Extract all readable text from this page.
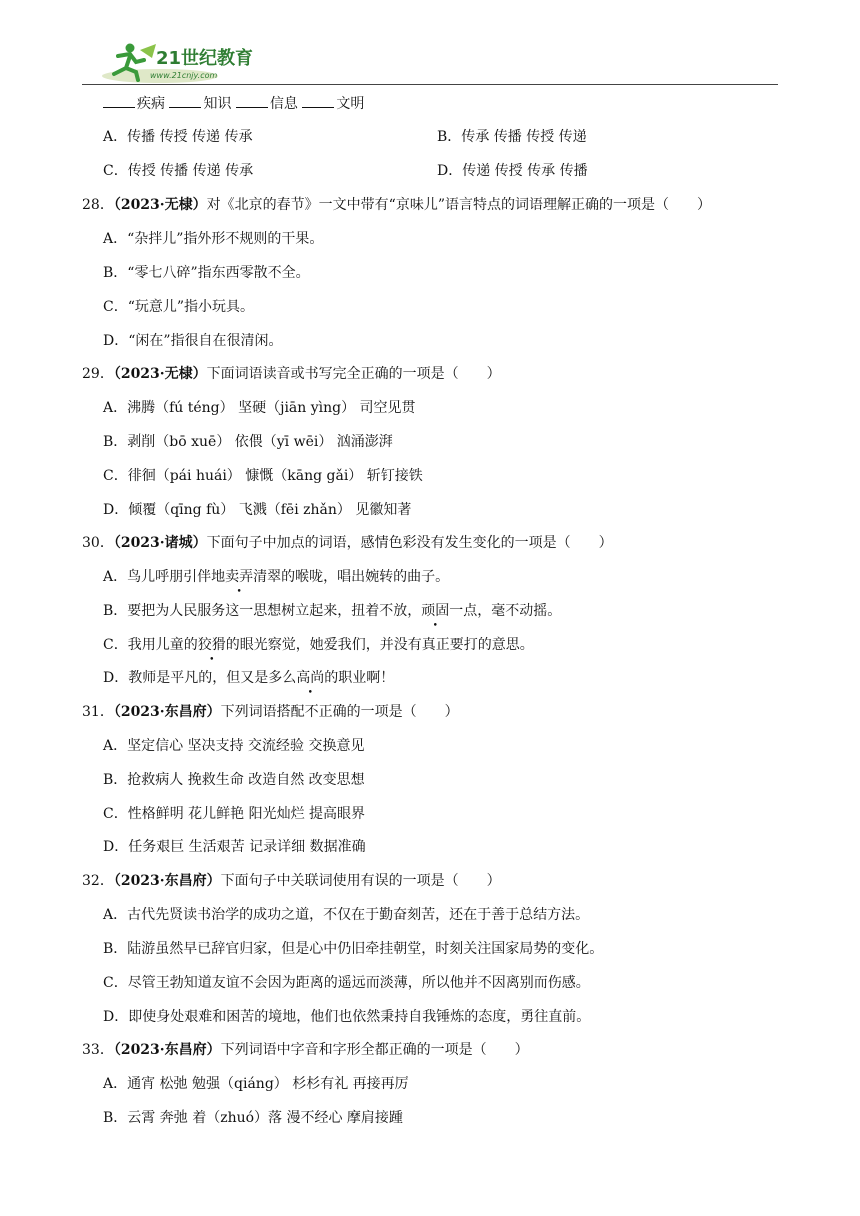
21世纪教育
www.21cnjy.com
疾病	知识	信息	文明
A．传播 传授 传递 传承	B．传承 传播 传授 传递
C．传授 传播 传递 传承	D．传递 传授 传承 传播
28．（2023·无棣）对《北京的春节》一文中带有“京味儿”语言特点的词语理解正确的一项是（　　）
A．“杂拌儿”指外形不规则的干果。
B．“零七八碎”指东西零散不全。
C．“玩意儿”指小玩具。
D．“闲在”指很自在很清闲。
29．（2023·无棣）下面词语读音或书写完全正确的一项是（　　）
A．沸腾（fú téng） 坚硬（jiān yìng） 司空见贯
B．剥削（bō xuē） 依偎（yī wēi） 汹涌澎湃
C．徘徊（pái huái） 慷慨（kāng gǎi） 斩钉接铁
D．倾覆（qīng fù） 飞溅（fēi zhǎn） 见徽知著
30．（2023·诸城）下面句子中加点的词语，感情色彩没有发生变化的一项是（　　）
A．鸟儿呼朋引伴地卖弄清翠的喉咙，唱出婉转的曲子。
B．要把为人民服务这一思想树立起来，扭着不放，顽固一点，毫不动摇。
C．我用儿童的狡猾的眼光察觉，她爱我们，并没有真正要打的意思。
D．教师是平凡的，但又是多么高尚的职业啊！
31．（2023·东昌府）下列词语搭配不正确的一项是（　　）
A．坚定信心 坚决支持 交流经验 交换意见
B．抢救病人 挽救生命 改造自然 改变思想
C．性格鲜明 花儿鲜艳 阳光灿烂 提高眼界
D．任务艰巨 生活艰苦 记录详细 数据准确
32．（2023·东昌府）下面句子中关联词使用有误的一项是（　　）
A．古代先贤读书治学的成功之道，不仅在于勤奋刻苦，还在于善于总结方法。
B．陆游虽然早已辞官归家，但是心中仍旧牵挂朝堂，时刻关注国家局势的变化。
C．尽管王勃知道友谊不会因为距离的遥远而淡薄，所以他并不因离别而伤感。
D．即使身处艰难和困苦的境地，他们也依然秉持自我锤炼的态度，勇往直前。
33．（2023·东昌府）下列词语中字音和字形全都正确的一项是（　　）
A．通宵 松弛 勉强（qiáng） 杉杉有礼 再接再厉
B．云霄 奔弛 着（zhuó）落 漫不经心 摩肩接踵
